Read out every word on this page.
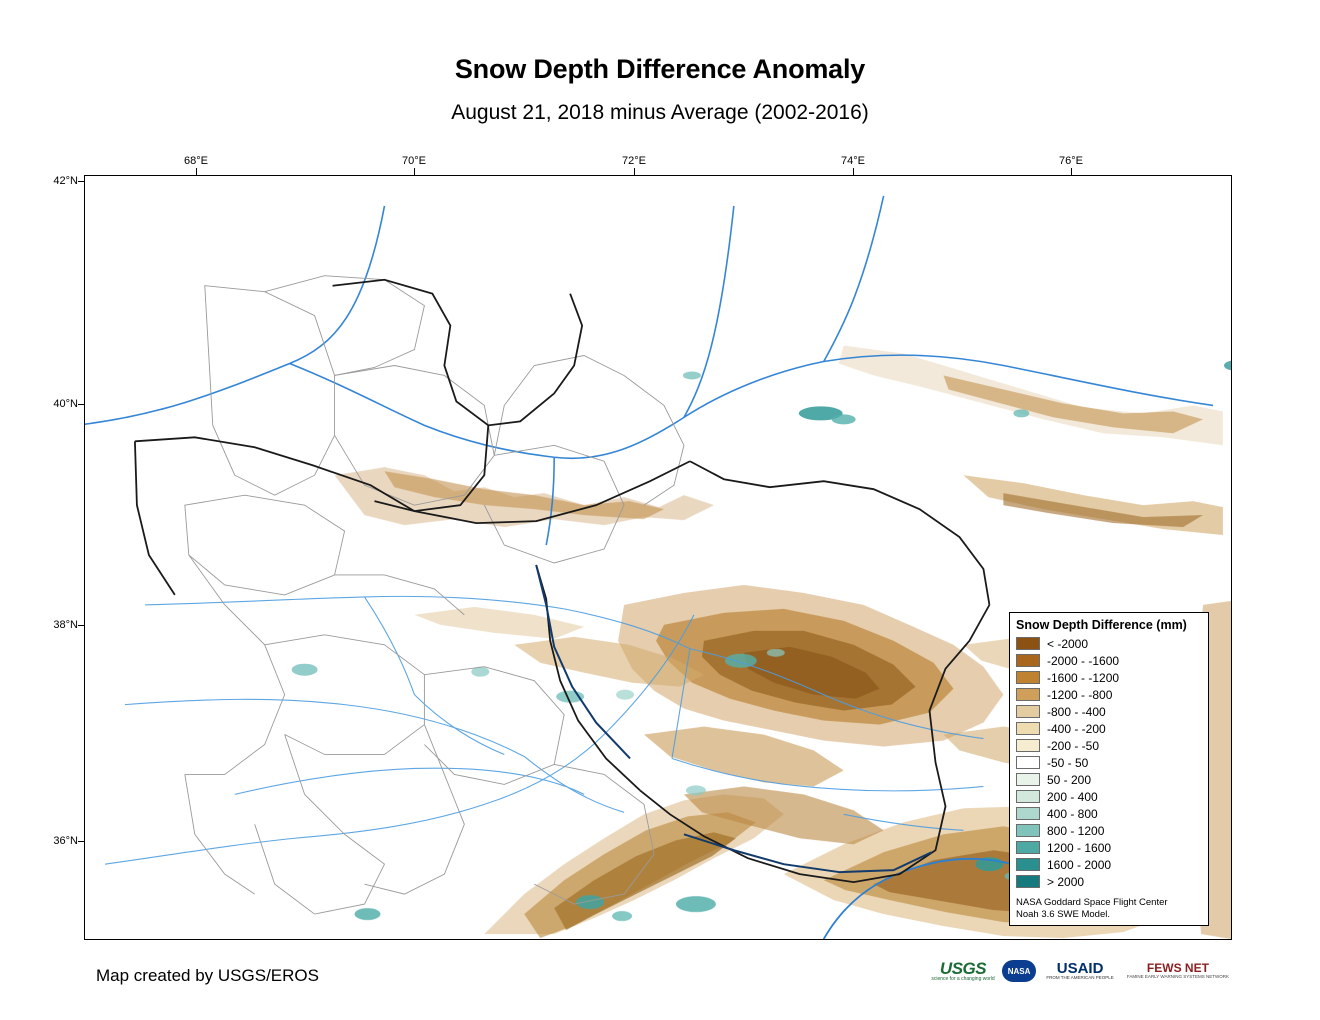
Snow Depth Difference Anomaly
August 21, 2018 minus Average (2002-2016)
68°E	70°E	72°E	74°E	76°E
42°N
40°N
38°N
36°N
Snow Depth Difference (mm)
< -2000
-2000 - -1600
-1600 - -1200
-1200 - -800
-800 - -400
-400 - -200
-200 - -50
-50 - 50
50 - 200
200 - 400
400 - 800
800 - 1200
1200 - 1600
1600 - 2000
> 2000
NASA Goddard Space Flight Center
Noah 3.6 SWE Model.
Map created by USGS/EROS	USGS
science for a changing world
NASA USAID
FROM THE AMERICAN PEOPLE
FEWS NET
FAMINE EARLY WARNING SYSTEMS NETWORK
